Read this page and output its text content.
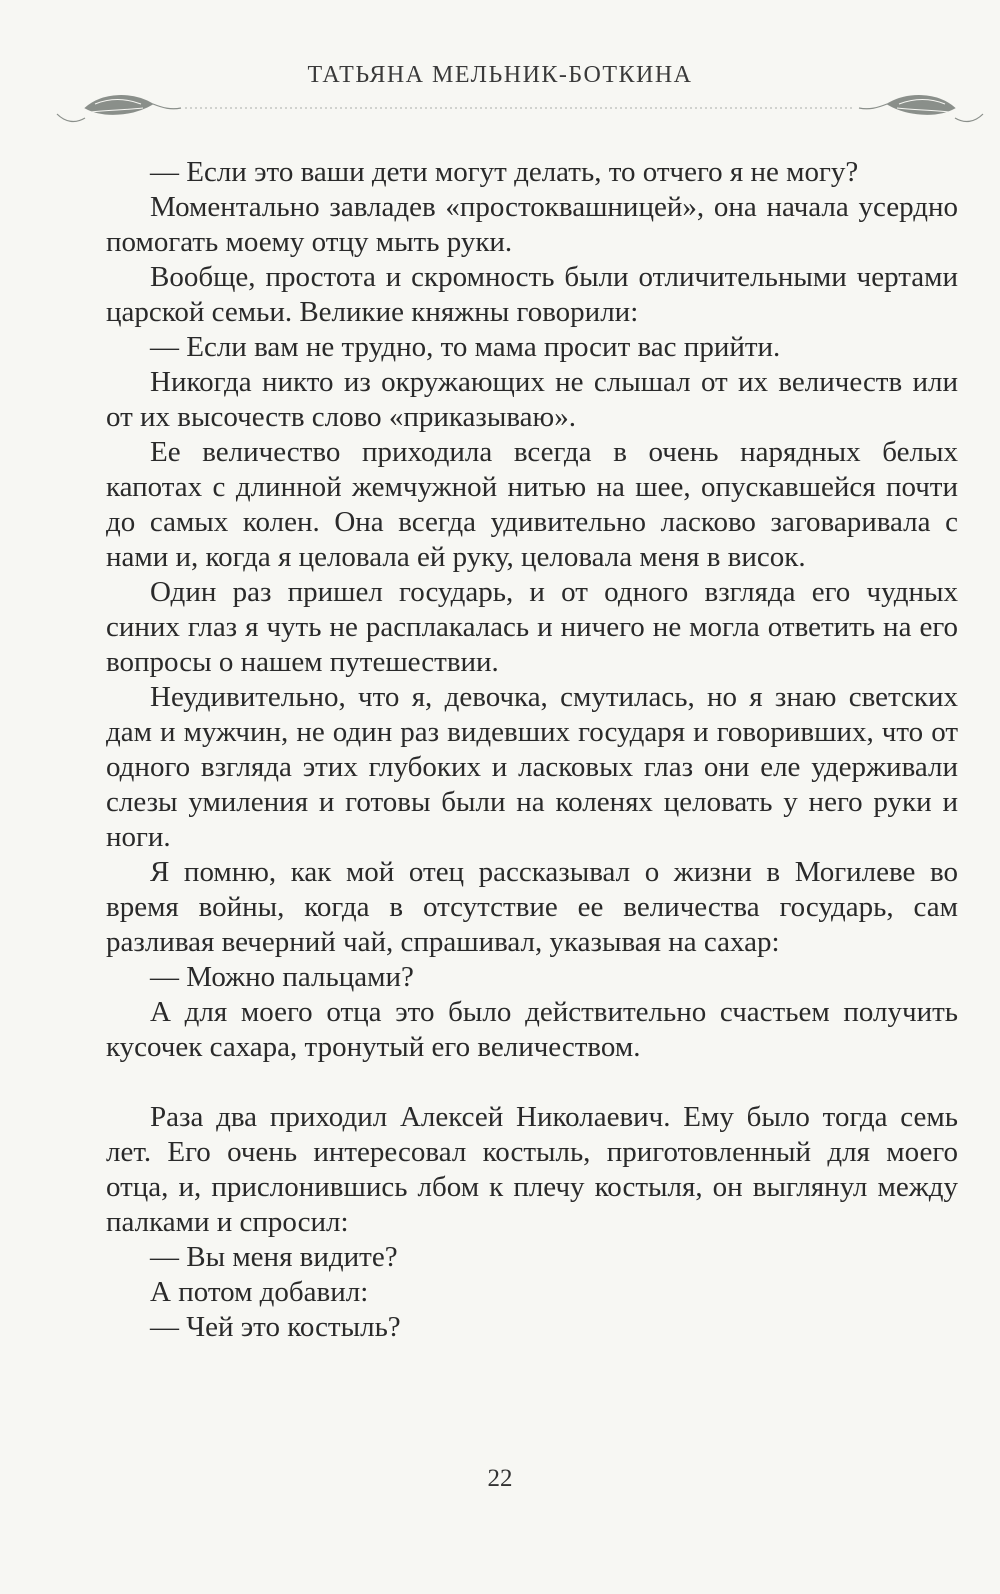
ТАТЬЯНА МЕЛЬНИК-БОТКИНА

— Если это ваши дети могут делать, то отчего я не могу?

Моментально завладев «простоквашницей», она начала усердно помогать моему отцу мыть руки.

Вообще, простота и скромность были отличительными чертами царской семьи. Великие княжны говорили:

— Если вам не трудно, то мама просит вас прийти.

Никогда никто из окружающих не слышал от их величеств или от их высочеств слово «приказываю».

Ее величество приходила всегда в очень нарядных белых капотах с длинной жемчужной нитью на шее, опускавшейся почти до самых колен. Она всегда удивительно ласково заговаривала с нами и, когда я целовала ей руку, целовала меня в висок.

Один раз пришел государь, и от одного взгляда его чудных синих глаз я чуть не расплакалась и ничего не могла ответить на его вопросы о нашем путешествии.

Неудивительно, что я, девочка, смутилась, но я знаю светских дам и мужчин, не один раз видевших государя и говоривших, что от одного взгляда этих глубоких и ласковых глаз они еле удерживали слезы умиления и готовы были на коленях целовать у него руки и ноги.

Я помню, как мой отец рассказывал о жизни в Могилеве во время войны, когда в отсутствие ее величества государь, сам разливая вечерний чай, спрашивал, указывая на сахар:

— Можно пальцами?

А для моего отца это было действительно счастьем получить кусочек сахара, тронутый его величеством.

Раза два приходил Алексей Николаевич. Ему было тогда семь лет. Его очень интересовал костыль, приготовленный для моего отца, и, прислонившись лбом к плечу костыля, он выглянул между палками и спросил:

— Вы меня видите?

А потом добавил:

— Чей это костыль?

22
